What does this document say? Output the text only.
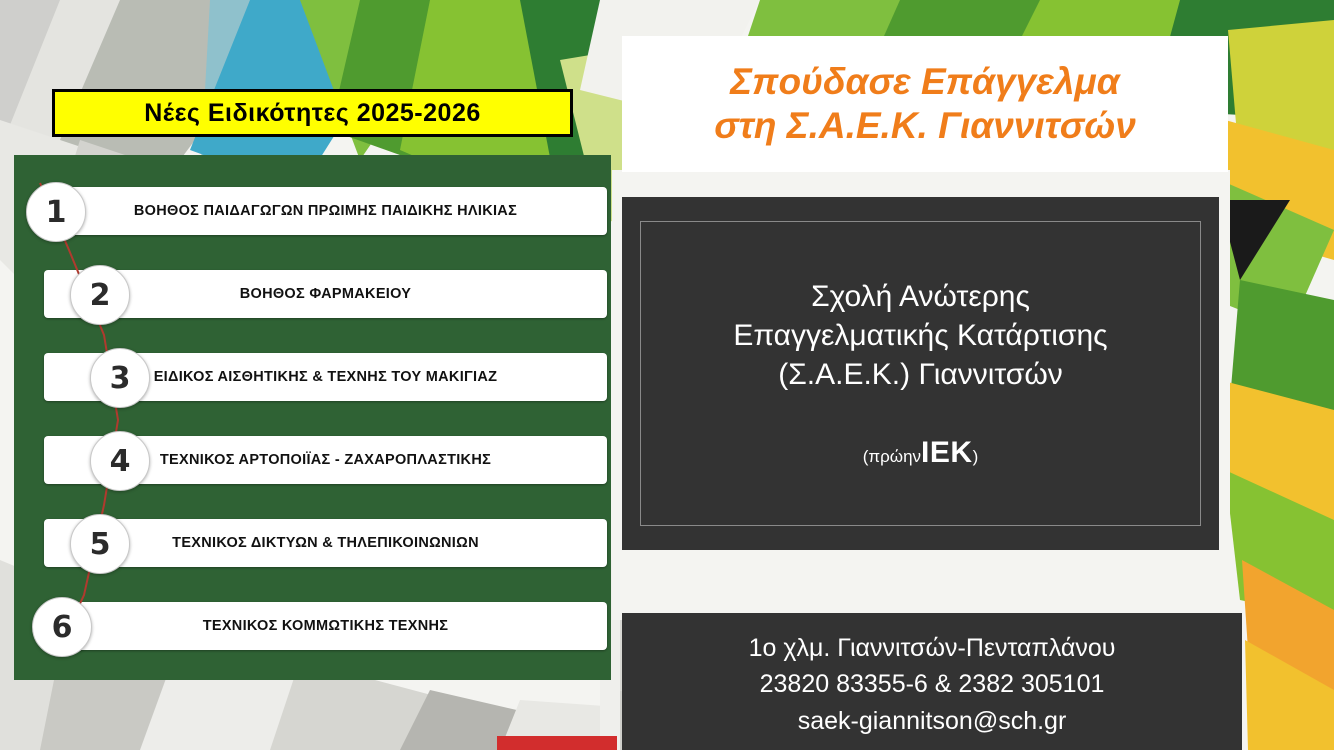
Νέες Ειδικότητες 2025-2026
ΒΟΗΘΟΣ ΠΑΙΔΑΓΩΓΩΝ ΠΡΩΙΜΗΣ ΠΑΙΔΙΚΗΣ ΗΛΙΚΙΑΣ
1
ΒΟΗΘΟΣ ΦΑΡΜΑΚΕΙΟΥ
2
ΕΙΔΙΚΟΣ ΑΙΣΘΗΤΙΚΗΣ & ΤΕΧΝΗΣ ΤΟΥ ΜΑΚΙΓΙΑΖ
3
ΤΕΧΝΙΚΟΣ ΑΡΤΟΠΟΙΪΑΣ - ΖΑΧΑΡΟΠΛΑΣΤΙΚΗΣ
4
ΤΕΧΝΙΚΟΣ ΔΙΚΤΥΩΝ & ΤΗΛΕΠΙΚΟΙΝΩΝΙΩΝ
5
ΤΕΧΝΙΚΟΣ ΚΟΜΜΩΤΙΚΗΣ ΤΕΧΝΗΣ
6
Σπούδασε Επάγγελμα
στη Σ.Α.Ε.Κ. Γιαννιτσών
Σχολή Ανώτερης
Επαγγελματικής Κατάρτισης
(Σ.Α.Ε.Κ.) Γιαννιτσών
(πρώηνΙΕΚ)
1ο χλμ. Γιαννιτσών-Πενταπλάνου
23820 83355-6 & 2382 305101
saek-giannitson@sch.gr
